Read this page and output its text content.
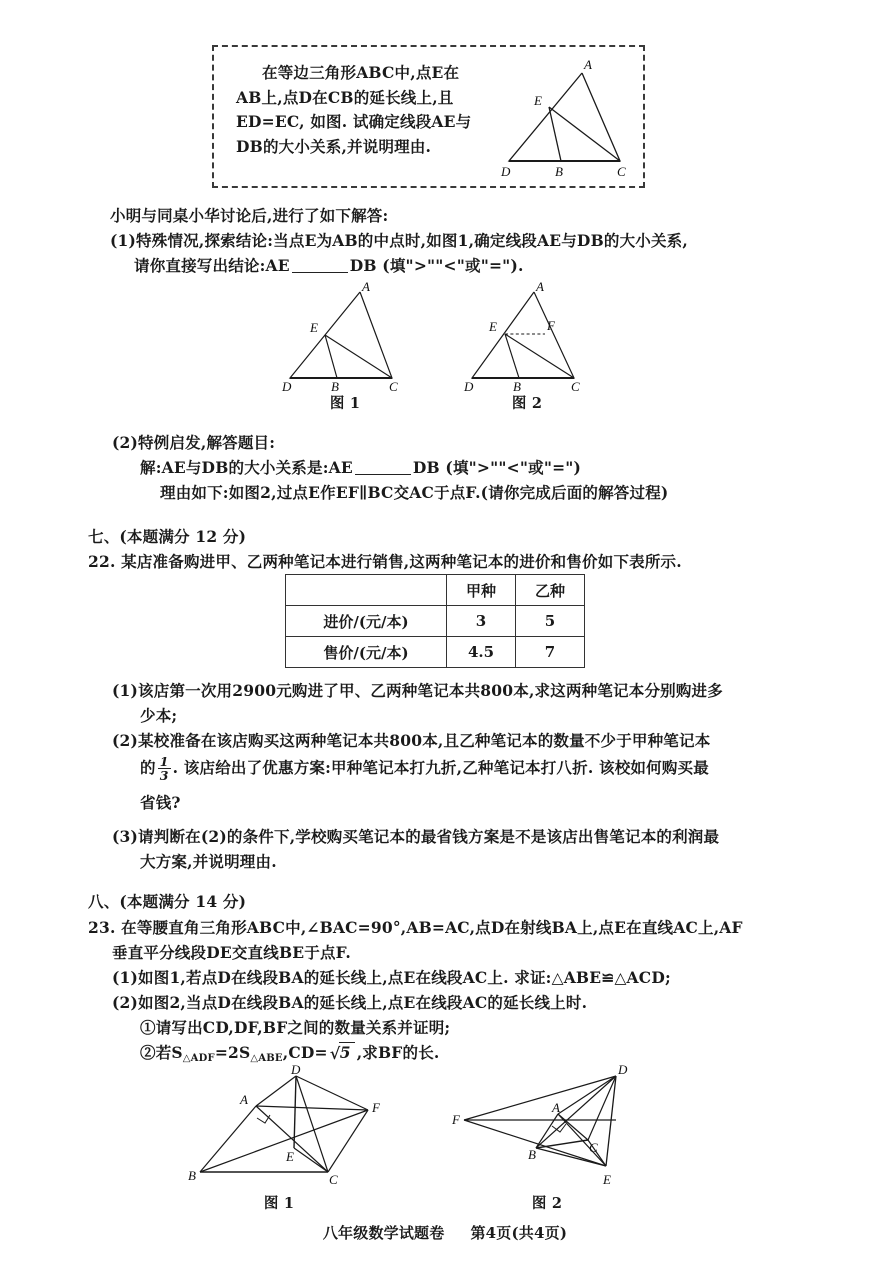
在等边三角形ABC中,点E在
AB上,点D在CB的延长线上,且
ED=EC, 如图. 试确定线段AE与
DB的大小关系,并说明理由.
A
E
D	B	C
小明与同桌小华讨论后,进行了如下解答:
(1)特殊情况,探索结论:当点E为AB的中点时,如图1,确定线段AE与DB的大小关系,
请你直接写出结论:AE	DB (填">""<"或"=").
A
E
D	B	C
图 1
A
E	F
D	B	C
图 2
(2)特例启发,解答题目:
解:AE与DB的大小关系是:AE	DB (填">""<"或"=")
理由如下:如图2,过点E作EF∥BC交AC于点F.(请你完成后面的解答过程)
七、(本题满分 12 分)
22. 某店准备购进甲、乙两种笔记本进行销售,这两种笔记本的进价和售价如下表所示.
	甲种	乙种
进价/(元/本)	3	5
售价/(元/本)	4.5	7
(1)该店第一次用2900元购进了甲、乙两种笔记本共800本,求这两种笔记本分别购进多
少本;
(2)某校准备在该店购买这两种笔记本共800本,且乙种笔记本的数量不少于甲种笔记本
的 $\frac{1}{3}$ . 该店给出了优惠方案:甲种笔记本打九折,乙种笔记本打八折. 该校如何购买最
省钱?
(3)请判断在(2)的条件下,学校购买笔记本的最省钱方案是不是该店出售笔记本的利润最
大方案,并说明理由.
八、(本题满分 14 分)
23. 在等腰直角三角形ABC中,∠BAC=90°,AB=AC,点D在射线BA上,点E在直线AC上,AF
垂直平分线段DE交直线BE于点F.
(1)如图1,若点D在线段BA的延长线上,点E在线段AC上. 求证:△ABE≌△ACD;
(2)如图2,当点D在线段BA的延长线上,点E在线段AC的延长线上时.
①请写出CD,DF,BF之间的数量关系并证明;
②若$S_{\triangle ADF}=2S_{\triangle ABE},CD=$ √ 5 ,求BF的长.
D
A
F
E
B	C
图 1
F
D
A
B	C
E
图 2
八年级数学试题卷 第4页(共4页)
